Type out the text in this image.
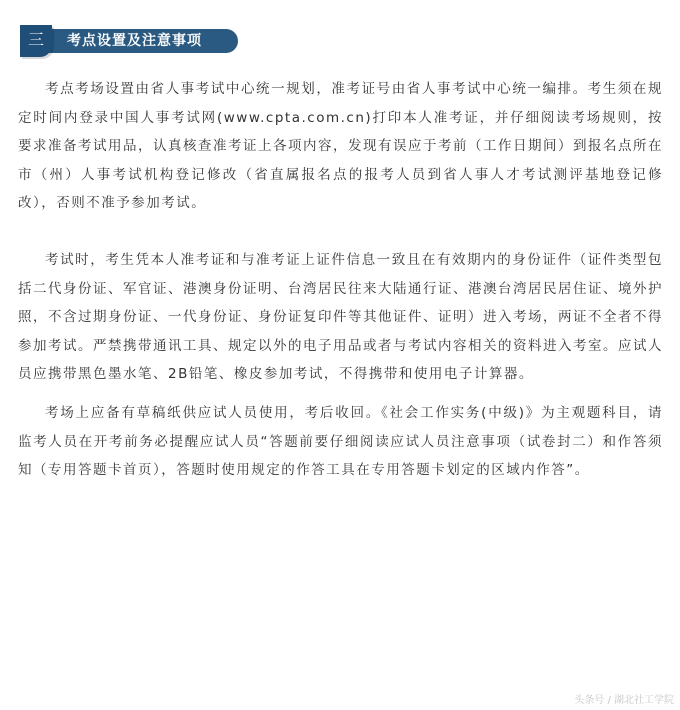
三	考点设置及注意事项

考点考场设置由省人事考试中心统一规划，准考证号由省人事考试中心统一编排。考生须在规定时间内登录中国人事考试网(www.cpta.com.cn)打印本人准考证，并仔细阅读考场规则，按要求准备考试用品，认真核查准考证上各项内容，发现有误应于考前（工作日期间）到报名点所在市（州）人事考试机构登记修改（省直属报名点的报考人员到省人事人才考试测评基地登记修改），否则不准予参加考试。

考试时，考生凭本人准考证和与准考证上证件信息一致且在有效期内的身份证件（证件类型包括二代身份证、军官证、港澳身份证明、台湾居民往来大陆通行证、港澳台湾居民居住证、境外护照，不含过期身份证、一代身份证、身份证复印件等其他证件、证明）进入考场，两证不全者不得参加考试。严禁携带通讯工具、规定以外的电子用品或者与考试内容相关的资料进入考室。应试人员应携带黑色墨水笔、2B铅笔、橡皮参加考试，不得携带和使用电子计算器。

考场上应备有草稿纸供应试人员使用，考后收回。《社会工作实务(中级)》为主观题科目，请监考人员在开考前务必提醒应试人员“答题前要仔细阅读应试人员注意事项（试卷封二）和作答须知（专用答题卡首页），答题时使用规定的作答工具在专用答题卡划定的区域内作答”。

头条号 / 湖北社工学院
